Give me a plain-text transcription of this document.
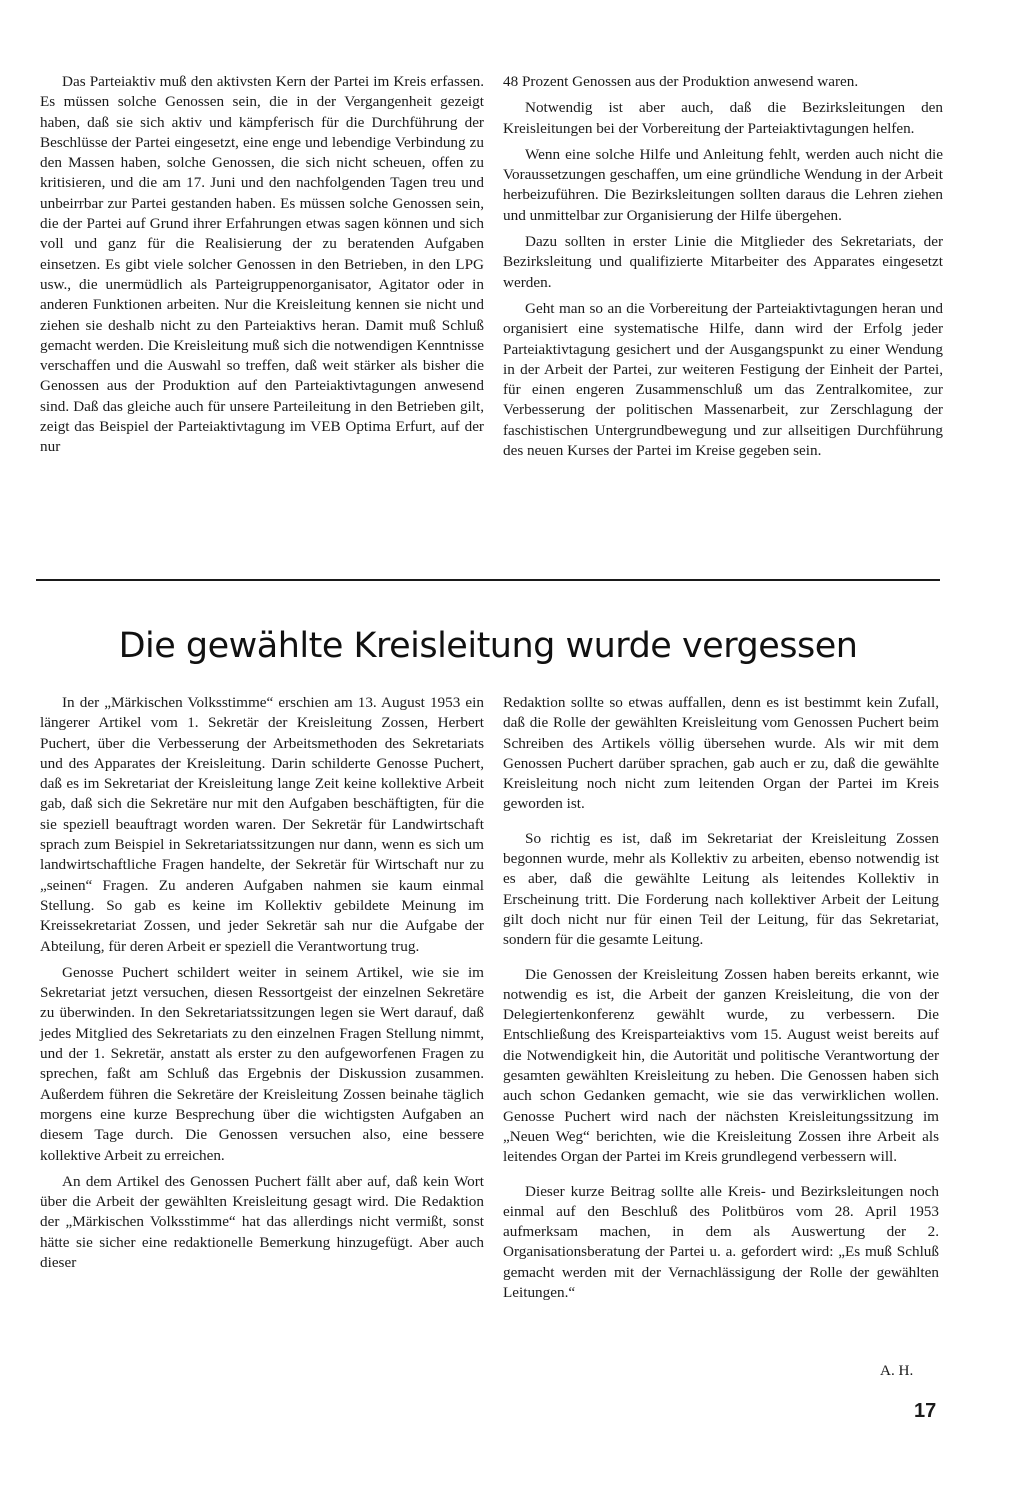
Das Parteiaktiv muß den aktivsten Kern der Partei im Kreis erfassen. Es müssen solche Genossen sein, die in der Vergangenheit gezeigt haben, daß sie sich aktiv und kämpferisch für die Durchführung der Beschlüsse der Partei eingesetzt, eine enge und lebendige Verbindung zu den Massen haben, solche Genossen, die sich nicht scheuen, offen zu kritisieren, und die am 17. Juni und den nachfolgenden Tagen treu und unbeirrbar zur Partei gestanden haben. Es müssen solche Genossen sein, die der Partei auf Grund ihrer Erfahrungen etwas sagen können und sich voll und ganz für die Realisierung der zu beratenden Aufgaben einsetzen. Es gibt viele solcher Genossen in den Betrieben, in den LPG usw., die unermüdlich als Parteigruppenorganisator, Agitator oder in anderen Funktionen arbeiten. Nur die Kreisleitung kennen sie nicht und ziehen sie deshalb nicht zu den Parteiaktivs heran. Damit muß Schluß gemacht werden. Die Kreisleitung muß sich die notwendigen Kenntnisse verschaffen und die Auswahl so treffen, daß weit stärker als bisher die Genossen aus der Produktion auf den Parteiaktivtagungen anwesend sind. Daß das gleiche auch für unsere Parteileitung in den Betrieben gilt, zeigt das Beispiel der Parteiaktivtagung im VEB Optima Erfurt, auf der nur

48 Prozent Genossen aus der Produktion anwesend waren.

Notwendig ist aber auch, daß die Bezirksleitungen den Kreisleitungen bei der Vorbereitung der Parteiaktivtagungen helfen.

Wenn eine solche Hilfe und Anleitung fehlt, werden auch nicht die Voraussetzungen geschaffen, um eine gründliche Wendung in der Arbeit herbeizuführen. Die Bezirksleitungen sollten daraus die Lehren ziehen und unmittelbar zur Organisierung der Hilfe übergehen.

Dazu sollten in erster Linie die Mitglieder des Sekretariats, der Bezirksleitung und qualifizierte Mitarbeiter des Apparates eingesetzt werden.

Geht man so an die Vorbereitung der Parteiaktivtagungen heran und organisiert eine systematische Hilfe, dann wird der Erfolg jeder Parteiaktivtagung gesichert und der Ausgangspunkt zu einer Wendung in der Arbeit der Partei, zur weiteren Festigung der Einheit der Partei, für einen engeren Zusammenschluß um das Zentralkomitee, zur Verbesserung der politischen Massenarbeit, zur Zerschlagung der faschistischen Untergrundbewegung und zur allseitigen Durchführung des neuen Kurses der Partei im Kreise gegeben sein.

Die gewählte Kreisleitung wurde vergessen

In der „Märkischen Volksstimme“ erschien am 13. August 1953 ein längerer Artikel vom 1. Sekretär der Kreisleitung Zossen, Herbert Puchert, über die Verbesserung der Arbeitsmethoden des Sekretariats und des Apparates der Kreisleitung. Darin schilderte Genosse Puchert, daß es im Sekretariat der Kreisleitung lange Zeit keine kollektive Arbeit gab, daß sich die Sekretäre nur mit den Aufgaben beschäftigten, für die sie speziell beauftragt worden waren. Der Sekretär für Landwirtschaft sprach zum Beispiel in Sekretariatssitzungen nur dann, wenn es sich um landwirtschaftliche Fragen handelte, der Sekretär für Wirtschaft nur zu „seinen“ Fragen. Zu anderen Aufgaben nahmen sie kaum einmal Stellung. So gab es keine im Kollektiv gebildete Meinung im Kreissekretariat Zossen, und jeder Sekretär sah nur die Aufgabe der Abteilung, für deren Arbeit er speziell die Verantwortung trug.

Genosse Puchert schildert weiter in seinem Artikel, wie sie im Sekretariat jetzt versuchen, diesen Ressortgeist der einzelnen Sekretäre zu überwinden. In den Sekretariatssitzungen legen sie Wert darauf, daß jedes Mitglied des Sekretariats zu den einzelnen Fragen Stellung nimmt, und der 1. Sekretär, anstatt als erster zu den aufgeworfenen Fragen zu sprechen, faßt am Schluß das Ergebnis der Diskussion zusammen. Außerdem führen die Sekretäre der Kreisleitung Zossen beinahe täglich morgens eine kurze Besprechung über die wichtigsten Aufgaben an diesem Tage durch. Die Genossen versuchen also, eine bessere kollektive Arbeit zu erreichen.

An dem Artikel des Genossen Puchert fällt aber auf, daß kein Wort über die Arbeit der gewählten Kreisleitung gesagt wird. Die Redaktion der „Märkischen Volksstimme“ hat das allerdings nicht vermißt, sonst hätte sie sicher eine redaktionelle Bemerkung hinzugefügt. Aber auch dieser

Redaktion sollte so etwas auffallen, denn es ist bestimmt kein Zufall, daß die Rolle der gewählten Kreisleitung vom Genossen Puchert beim Schreiben des Artikels völlig übersehen wurde. Als wir mit dem Genossen Puchert darüber sprachen, gab auch er zu, daß die gewählte Kreisleitung noch nicht zum leitenden Organ der Partei im Kreis geworden ist.

So richtig es ist, daß im Sekretariat der Kreisleitung Zossen begonnen wurde, mehr als Kollektiv zu arbeiten, ebenso notwendig ist es aber, daß die gewählte Leitung als leitendes Kollektiv in Erscheinung tritt. Die Forderung nach kollektiver Arbeit der Leitung gilt doch nicht nur für einen Teil der Leitung, für das Sekretariat, sondern für die gesamte Leitung.

Die Genossen der Kreisleitung Zossen haben bereits erkannt, wie notwendig es ist, die Arbeit der ganzen Kreisleitung, die von der Delegiertenkonferenz gewählt wurde, zu verbessern. Die Entschließung des Kreisparteiaktivs vom 15. August weist bereits auf die Notwendigkeit hin, die Autorität und politische Verantwortung der gesamten gewählten Kreisleitung zu heben. Die Genossen haben sich auch schon Gedanken gemacht, wie sie das verwirklichen wollen. Genosse Puchert wird nach der nächsten Kreisleitungssitzung im „Neuen Weg“ berichten, wie die Kreisleitung Zossen ihre Arbeit als leitendes Organ der Partei im Kreis grundlegend verbessern will.

Dieser kurze Beitrag sollte alle Kreis- und Bezirksleitungen noch einmal auf den Beschluß des Politbüros vom 28. April 1953 aufmerksam machen, in dem als Auswertung der 2. Organisationsberatung der Partei u. a. gefordert wird: „Es muß Schluß gemacht werden mit der Vernachlässigung der Rolle der gewählten Leitungen.“

A. H.
17
